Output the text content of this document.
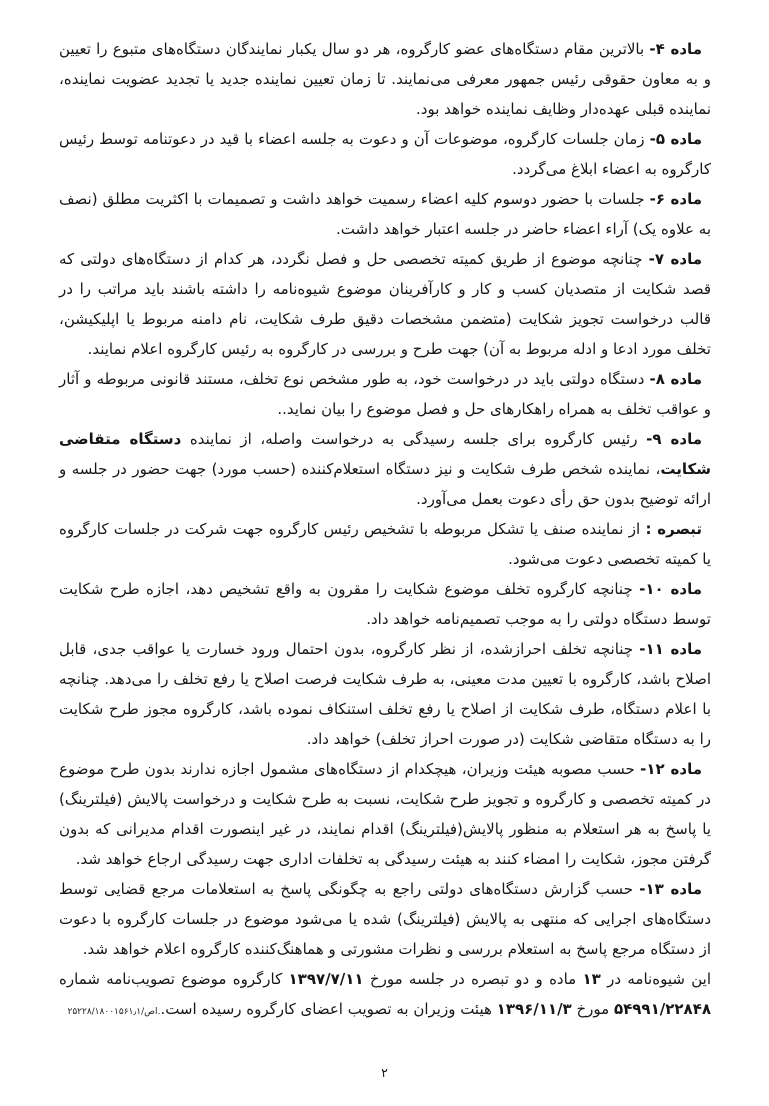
ماده ۴- بالاترین مقام دستگاه‌های عضو کارگروه، هر دو سال یکبار نمایندگان دستگاه‌های متبوع را تعیین و به معاون حقوقی رئیس جمهور معرفی می‌نمایند. تا زمان تعیین نماینده جدید یا تجدید عضویت نماینده، نماینده قبلی عهده‌دار وظایف نماینده خواهد بود.

ماده ۵- زمان جلسات کارگروه، موضوعات آن و دعوت به جلسه اعضاء با قید در دعوتنامه توسط رئیس کارگروه به اعضاء ابلاغ می‌گردد.

ماده ۶- جلسات با حضور دوسوم کلیه اعضاء رسمیت خواهد داشت و تصمیمات با اکثریت مطلق (نصف به علاوه یک) آراء اعضاء حاضر در جلسه اعتبار خواهد داشت.

ماده ۷- چنانچه موضوع از طریق کمیته تخصصی حل و فصل نگردد، هر کدام از دستگاه‌های دولتی که قصد شکایت از متصدیان کسب و کار و کارآفرینان موضوع شیوه‌نامه را داشته باشند باید مراتب را در قالب درخواست تجویز شکایت (متضمن مشخصات دقیق طرف شکایت، نام دامنه مربوط یا اپلیکیشن، تخلف مورد ادعا و ادله مربوط به آن) جهت طرح و بررسی در کارگروه به رئیس کارگروه اعلام نمایند.

ماده ۸- دستگاه دولتی باید در درخواست خود، به طور مشخص نوع تخلف، مستند قانونی مربوطه و آثار و عواقب تخلف به همراه راهکارهای حل و فصل موضوع را بیان نماید..

ماده ۹- رئیس کارگروه برای جلسه رسیدگی به درخواست واصله، از نماینده دستگاه متقاضی شکایت، نماینده شخص طرف شکایت و نیز دستگاه استعلام‌کننده (حسب مورد) جهت حضور در جلسه و ارائه توضیح بدون حق رأی دعوت بعمل می‌آورد.

تبصره : از نماینده صنف یا تشکل مربوطه با تشخیص رئیس کارگروه جهت شرکت در جلسات کارگروه یا کمیته تخصصی دعوت می‌شود.

ماده ۱۰- چنانچه کارگروه تخلف موضوع شکایت را مقرون به واقع تشخیص دهد، اجازه طرح شکایت توسط دستگاه دولتی را به موجب تصمیم‌نامه خواهد داد.

ماده ۱۱- چنانچه تخلف احرازشده، از نظر کارگروه، بدون احتمال ورود خسارت یا عواقب جدی، قابل اصلاح باشد، کارگروه با تعیین مدت معینی، به طرف شکایت فرصت اصلاح یا رفع تخلف را می‌دهد. چنانچه با اعلام دستگاه، طرف شکایت از اصلاح یا رفع تخلف استنکاف نموده باشد، کارگروه مجوز طرح شکایت را به دستگاه متقاضی شکایت (در صورت احراز تخلف) خواهد داد.

ماده ۱۲- حسب مصوبه هیئت وزیران، هیچکدام از دستگاه‌های مشمول اجازه ندارند بدون طرح موضوع در کمیته تخصصی و کارگروه و تجویز طرح شکایت، نسبت به طرح شکایت و درخواست پالایش (فیلترینگ) یا پاسخ به هر استعلام به منظور پالایش(فیلترینگ) اقدام نمایند، در غیر اینصورت اقدام مدیرانی که بدون گرفتن مجوز، شکایت را امضاء کنند به هیئت رسیدگی به تخلفات اداری جهت رسیدگی ارجاع خواهد شد.

ماده ۱۳- حسب گزارش دستگاه‌های دولتی راجع به چگونگی پاسخ به استعلامات مرجع قضایی توسط دستگاه‌های اجرایی که منتهی به پالایش (فیلترینگ) شده یا می‌شود موضوع در جلسات کارگروه با دعوت از دستگاه مرجع پاسخ به استعلام بررسی و نظرات مشورتی و هماهنگ‌کننده کارگروه اعلام خواهد شد.

این شیوه‌نامه در ۱۳ ماده و دو تبصره در جلسه مورخ ۱۳۹۷/۷/۱۱ کارگروه موضوع تصویب‌نامه شماره ۵۴۹۹۱/۲۲۸۴۸ مورخ ۱۳۹۶/۱۱/۳ هیئت وزیران به تصویب اعضای کارگروه رسیده است.۲۵۲۲۸/۱۸۰۰۱۵۶۱٫۱/اص.

۲
